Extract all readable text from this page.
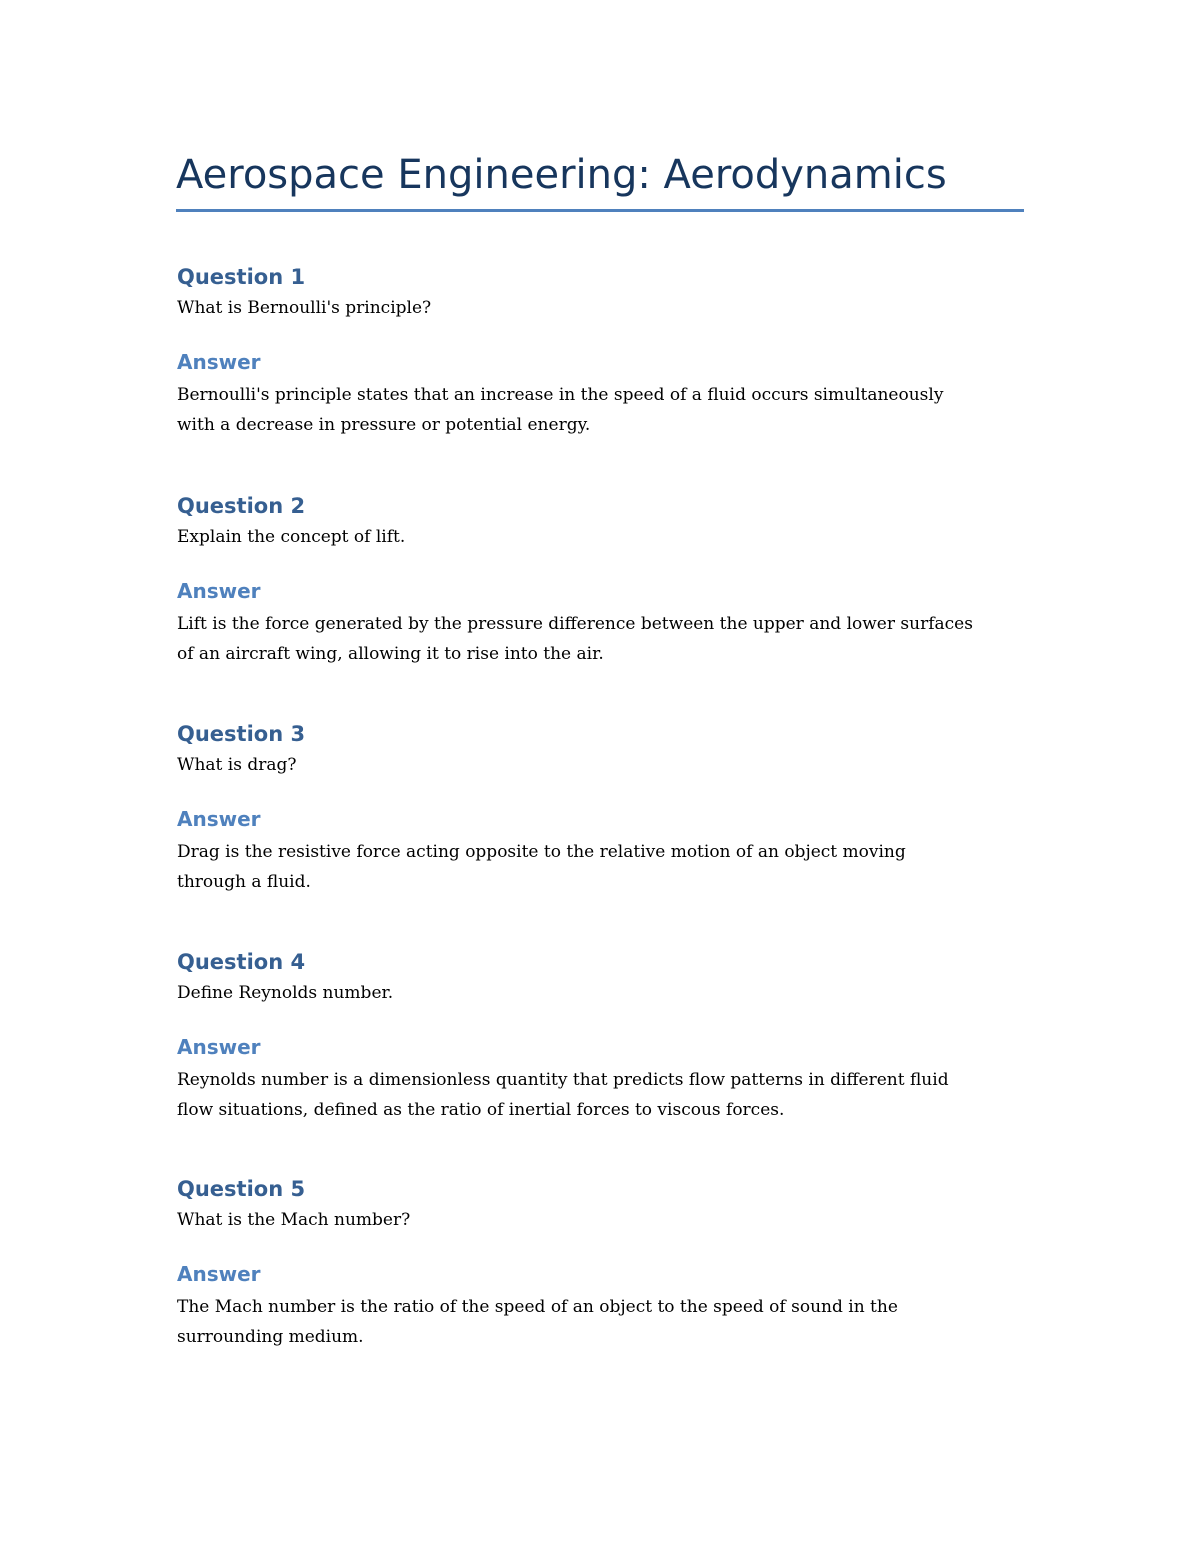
Aerospace Engineering: Aerodynamics
Question 1

What is Bernoulli's principle?

Answer

Bernoulli's principle states that an increase in the speed of a fluid occurs simultaneously
with a decrease in pressure or potential energy.

Question 2

Explain the concept of lift.

Answer

Lift is the force generated by the pressure difference between the upper and lower surfaces
of an aircraft wing, allowing it to rise into the air.

Question 3

What is drag?

Answer

Drag is the resistive force acting opposite to the relative motion of an object moving
through a fluid.

Question 4

Define Reynolds number.

Answer

Reynolds number is a dimensionless quantity that predicts flow patterns in different fluid
flow situations, defined as the ratio of inertial forces to viscous forces.

Question 5

What is the Mach number?

Answer

The Mach number is the ratio of the speed of an object to the speed of sound in the
surrounding medium.
